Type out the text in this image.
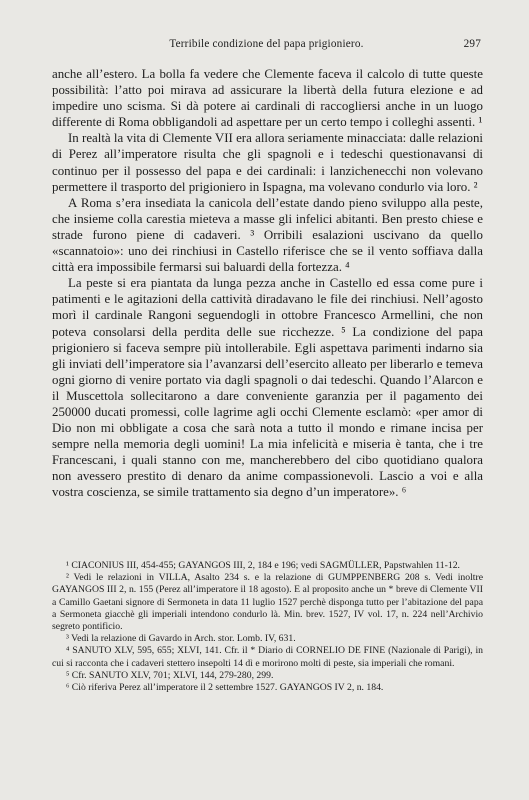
Terribile condizione del papa prigioniero.	297

anche all’estero. La bolla fa vedere che Clemente faceva il calcolo di tutte queste possibilità: l’atto poi mirava ad assicurare la libertà della futura elezione e ad impedire uno scisma. Si dà potere ai cardinali di raccogliersi anche in un luogo differente di Roma obbligandoli ad aspettare per un certo tempo i colleghi assenti. ¹

In realtà la vita di Clemente VII era allora seriamente minacciata: dalle relazioni di Perez all’imperatore risulta che gli spagnoli e i tedeschi questionavansi di continuo per il possesso del papa e dei cardinali: i lanzichenecchi non volevano permettere il trasporto del prigioniero in Ispagna, ma volevano condurlo via loro. ²

A Roma s’era insediata la canicola dell’estate dando pieno sviluppo alla peste, che insieme colla carestia mieteva a masse gli infelici abitanti. Ben presto chiese e strade furono piene di cadaveri. ³ Orribili esalazioni uscivano da quello «scannatoio»: uno dei rinchiusi in Castello riferisce che se il vento soffiava dalla città era impossibile fermarsi sui baluardi della fortezza. ⁴

La peste si era piantata da lunga pezza anche in Castello ed essa come pure i patimenti e le agitazioni della cattività diradavano le file dei rinchiusi. Nell’agosto morì il cardinale Rangoni seguendogli in ottobre Francesco Armellini, che non poteva consolarsi della perdita delle sue ricchezze. ⁵ La condizione del papa prigioniero si faceva sempre più intollerabile. Egli aspettava parimenti indarno sia gli inviati dell’imperatore sia l’avanzarsi dell’esercito alleato per liberarlo e temeva ogni giorno di venire portato via dagli spagnoli o dai tedeschi. Quando l’Alarcon e il Muscettola sollecitarono a dare conveniente garanzia per il pagamento dei 250000 ducati promessi, colle lagrime agli occhi Clemente esclamò: «per amor di Dio non mi obbligate a cosa che sarà nota a tutto il mondo e rimane incisa per sempre nella memoria degli uomini! La mia infelicità e miseria è tanta, che i tre Francescani, i quali stanno con me, mancherebbero del cibo quotidiano qualora non avessero prestito di denaro da anime compassionevoli. Lascio a voi e alla vostra coscienza, se simile trattamento sia degno d’un imperatore». ⁶

¹ CIACONIUS III, 454-455; GAYANGOS III, 2, 184 e 196; vedi SAGMÜLLER, Papstwahlen 11-12.

² Vedi le relazioni in VILLA, Asalto 234 s. e la relazione di GUMPPENBERG 208 s. Vedi inoltre GAYANGOS III 2, n. 155 (Perez all’imperatore il 18 agosto). E al proposito anche un * breve di Clemente VII a Camillo Gaetani signore di Sermoneta in data 11 luglio 1527 perchè disponga tutto per l’abitazione del papa a Sermoneta giacchè gli imperiali intendono condurlo là. Min. brev. 1527, IV vol. 17, n. 224 nell’Archivio segreto pontificio.

³ Vedi la relazione di Gavardo in Arch. stor. Lomb. IV, 631.

⁴ SANUTO XLV, 595, 655; XLVI, 141. Cfr. il * Diario di CORNELIO DE FINE (Nazionale di Parigi), in cui si racconta che i cadaveri stettero insepolti 14 dì e morirono molti di peste, sia imperiali che romani.

⁵ Cfr. SANUTO XLV, 701; XLVI, 144, 279-280, 299.

⁶ Ciò riferiva Perez all’imperatore il 2 settembre 1527. GAYANGOS IV 2, n. 184.
